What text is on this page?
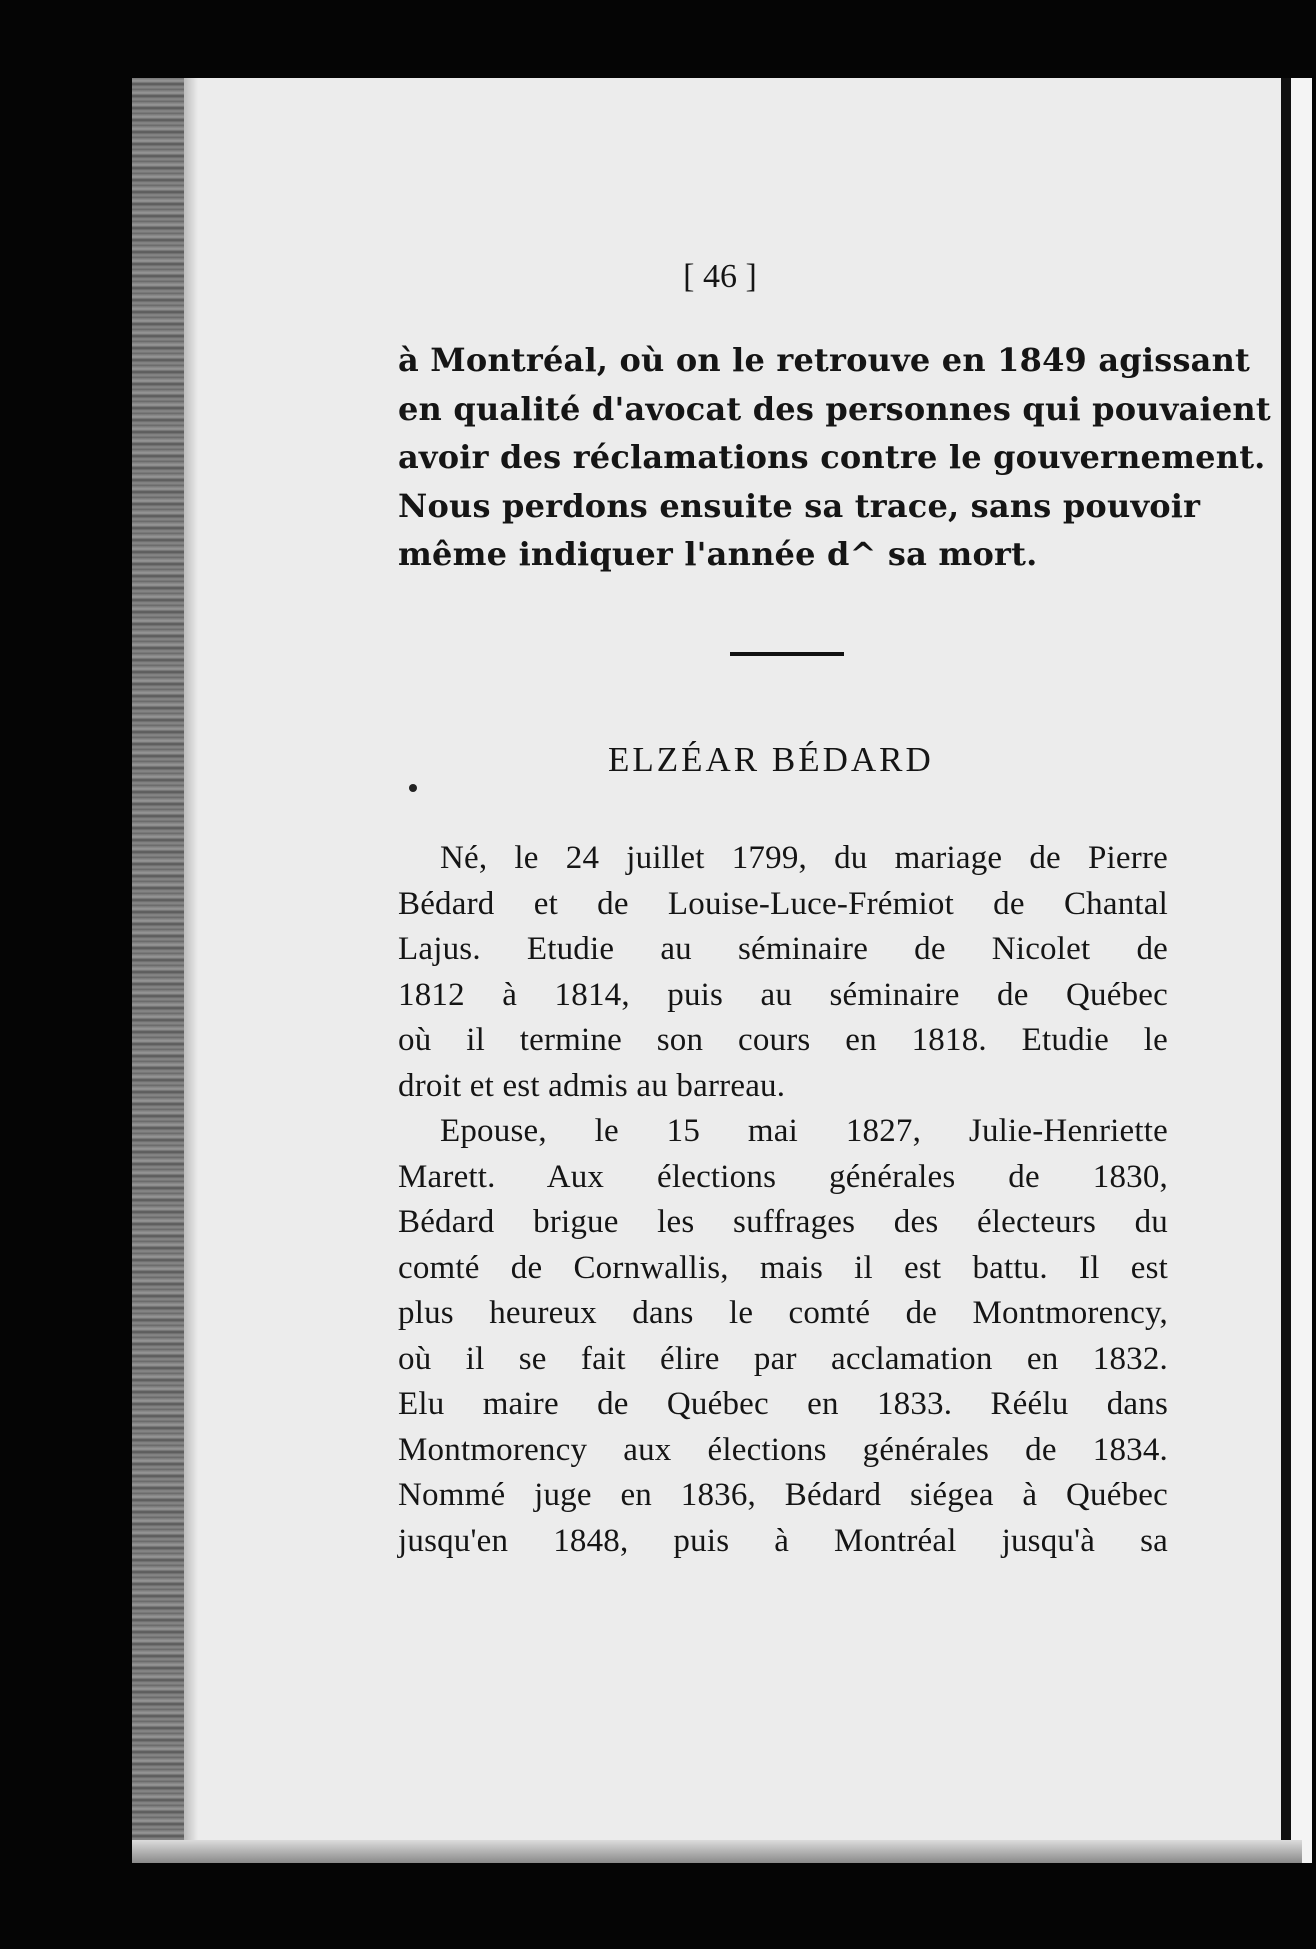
[ 46 ]
à Montréal, où on le retrouve en 1849 agissant
en qualité d'avocat des personnes qui pouvaient
avoir des réclamations contre le gouvernement.
Nous perdons ensuite sa trace, sans pouvoir
même indiquer l'année d^ sa mort.
ELZÉAR BÉDARD
Né, le 24 juillet 1799, du mariage de Pierre
Bédard et de Louise-Luce-Frémiot de Chantal
Lajus. Etudie au séminaire de Nicolet de
1812 à 1814, puis au séminaire de Québec
où il termine son cours en 1818. Etudie le
droit et est admis au barreau.
Epouse, le 15 mai 1827, Julie-Henriette
Marett. Aux élections générales de 1830,
Bédard brigue les suffrages des électeurs du
comté de Cornwallis, mais il est battu. Il est
plus heureux dans le comté de Montmorency,
où il se fait élire par acclamation en 1832.
Elu maire de Québec en 1833. Réélu dans
Montmorency aux élections générales de 1834.
Nommé juge en 1836, Bédard siégea à Québec
jusqu'en 1848, puis à Montréal jusqu'à sa
